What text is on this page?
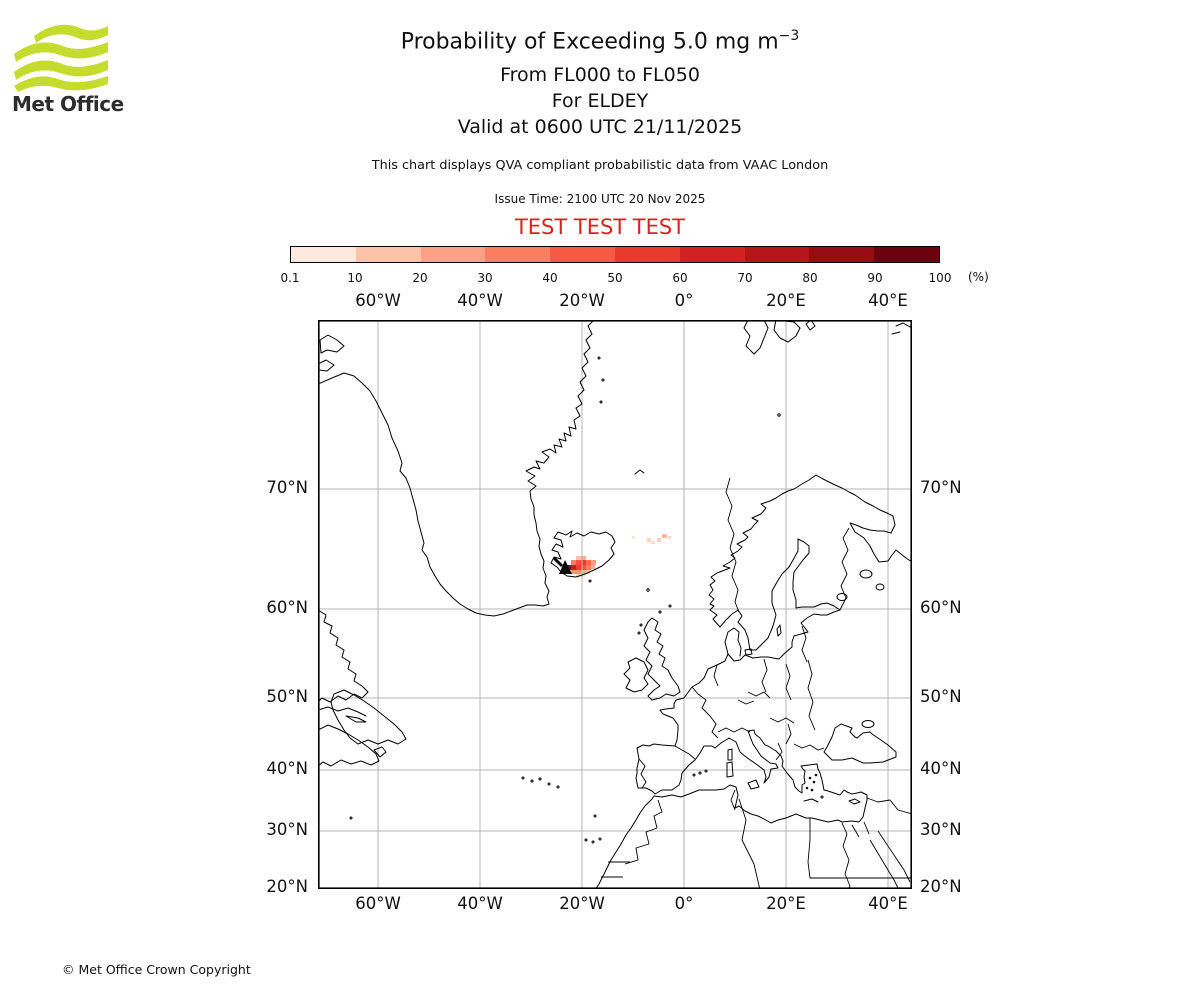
Met Office
Probability of Exceeding 5.0 mg $m^{-3}$
From FL000 to FL050
For ELDEY
Valid at 0600 UTC 21/11/2025
This chart displays QVA compliant probabilistic data from VAAC London
Issue Time: 2100 UTC 20 Nov 2025
TEST TEST TEST
0.1	10	20	30	40	50	60	70	80	90	100 (%)
60°W	40°W	20°W	0°	20°E	40°E
60°W	40°W	20°W	0°	20°E	40°E
70°N
60°N
50°N
40°N
30°N
20°N
70°N
60°N
50°N
40°N
30°N
20°N
© Met Office Crown Copyright
